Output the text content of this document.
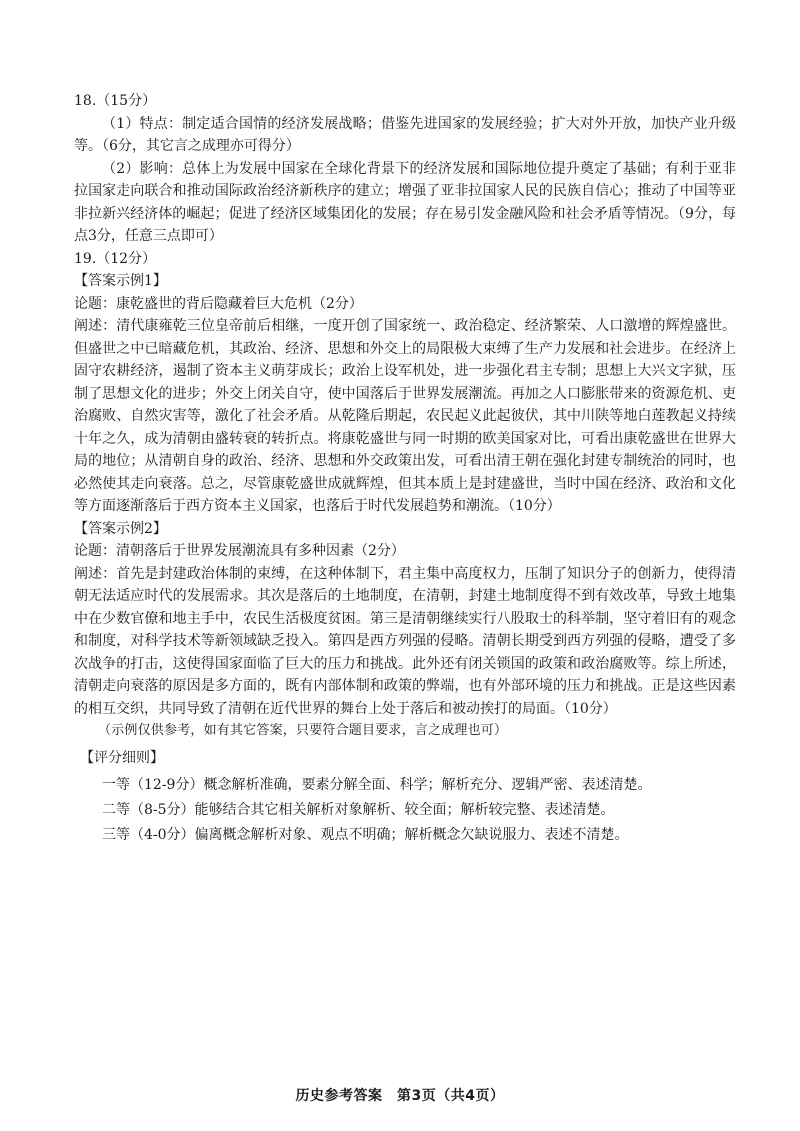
18.（15分）

（1）特点：制定适合国情的经济发展战略；借鉴先进国家的发展经验；扩大对外开放，加快产业升级等。（6分，其它言之成理亦可得分）

（2）影响：总体上为发展中国家在全球化背景下的经济发展和国际地位提升奠定了基础；有利于亚非拉国家走向联合和推动国际政治经济新秩序的建立；增强了亚非拉国家人民的民族自信心；推动了中国等亚非拉新兴经济体的崛起；促进了经济区域集团化的发展；存在易引发金融风险和社会矛盾等情况。（9分，每点3分，任意三点即可）

19.（12分）

【答案示例1】

论题：康乾盛世的背后隐藏着巨大危机（2分）

阐述：清代康雍乾三位皇帝前后相继，一度开创了国家统一、政治稳定、经济繁荣、人口激增的辉煌盛世。但盛世之中已暗藏危机，其政治、经济、思想和外交上的局限极大束缚了生产力发展和社会进步。在经济上固守农耕经济，遏制了资本主义萌芽成长；政治上设军机处，进一步强化君主专制；思想上大兴文字狱，压制了思想文化的进步；外交上闭关自守，使中国落后于世界发展潮流。再加之人口膨胀带来的资源危机、吏治腐败、自然灾害等，激化了社会矛盾。从乾隆后期起，农民起义此起彼伏，其中川陕等地白莲教起义持续十年之久，成为清朝由盛转衰的转折点。将康乾盛世与同一时期的欧美国家对比，可看出康乾盛世在世界大局的地位；从清朝自身的政治、经济、思想和外交政策出发，可看出清王朝在强化封建专制统治的同时，也必然使其走向衰落。总之，尽管康乾盛世成就辉煌，但其本质上是封建盛世，当时中国在经济、政治和文化等方面逐渐落后于西方资本主义国家，也落后于时代发展趋势和潮流。（10分）

【答案示例2】

论题：清朝落后于世界发展潮流具有多种因素（2分）

阐述：首先是封建政治体制的束缚，在这种体制下，君主集中高度权力，压制了知识分子的创新力，使得清朝无法适应时代的发展需求。其次是落后的土地制度，在清朝，封建土地制度得不到有效改革，导致土地集中在少数官僚和地主手中，农民生活极度贫困。第三是清朝继续实行八股取士的科举制，坚守着旧有的观念和制度，对科学技术等新领域缺乏投入。第四是西方列强的侵略。清朝长期受到西方列强的侵略，遭受了多次战争的打击，这使得国家面临了巨大的压力和挑战。此外还有闭关锁国的政策和政治腐败等。综上所述，清朝走向衰落的原因是多方面的，既有内部体制和政策的弊端，也有外部环境的压力和挑战。正是这些因素的相互交织，共同导致了清朝在近代世界的舞台上处于落后和被动挨打的局面。（10分）

（示例仅供参考，如有其它答案，只要符合题目要求，言之成理也可）

【评分细则】

一等（12-9分）概念解析准确，要素分解全面、科学；解析充分、逻辑严密、表述清楚。

二等（8-5分）能够结合其它相关解析对象解析、较全面；解析较完整、表述清楚。

三等（4-0分）偏离概念解析对象、观点不明确；解析概念欠缺说服力、表述不清楚。

历史参考答案　第3页（共4页）
